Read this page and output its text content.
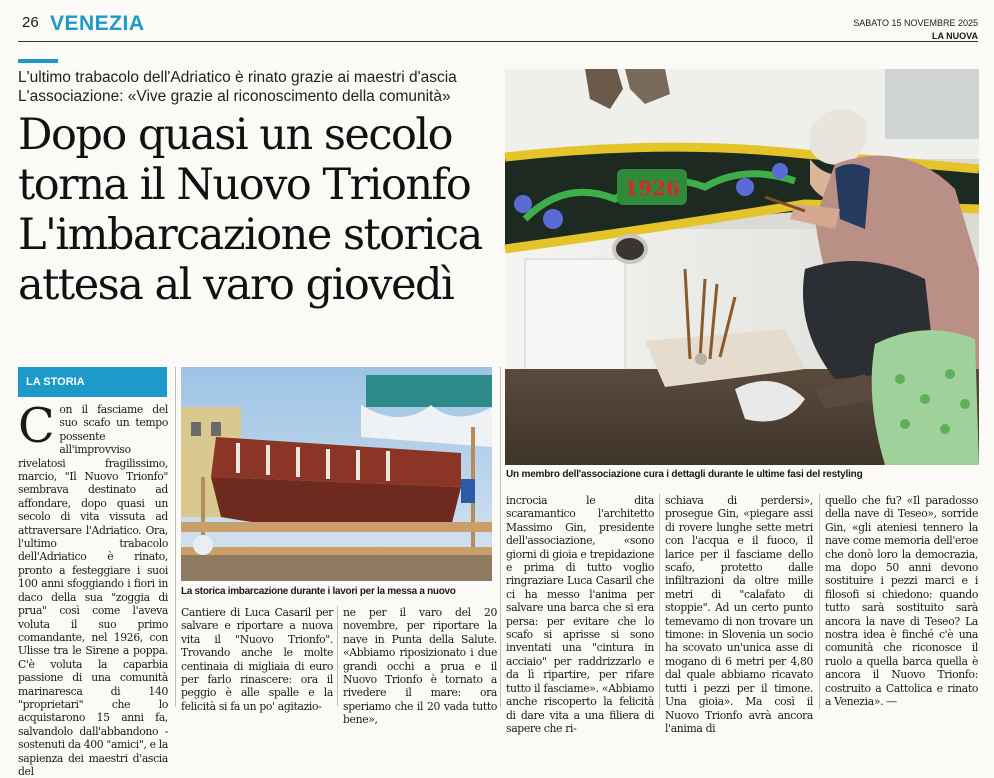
26 VENEZIA	SABATO 15 NOVEMBRE 2025
LA NUOVA
L'ultimo trabacolo dell'Adriatico è rinato grazie ai maestri d'ascia
L'associazione: «Vive grazie al riconoscimento della comunità»
Dopo quasi un secolo
torna il Nuovo Trionfo
L'imbarcazione storica
attesa al varo giovedì
1926
Un membro dell'associazione cura i dettagli durante le ultime fasi del restyling
LA STORIA
La storica imbarcazione durante i lavori per la messa a nuovo
Con il fasciame del suo scafo un tempo possente all'improvviso rivelatosi fragilissimo, marcio, "Il Nuovo Trionfo" sembrava destinato ad affondare, dopo quasi un secolo di vita vissuta ad attraversare l'Adriatico. Ora, l'ultimo trabacolo dell'Adriatico è rinato, pronto a festeggiare i suoi 100 anni sfoggiando i fiori in daco della sua "zoggia di prua" così come l'aveva voluta il suo primo comandante, nel 1926, con Ulisse tra le Sirene a poppa. C'è voluta la caparbia passione di una comunità marinaresca di 140 "proprietari" che lo acquistarono 15 anni fa, salvandolo dall'abbandono - sostenuti da 400 "amici", e la sapienza dei maestri d'ascia del
Cantiere di Luca Casaril per salvare e riportare a nuova vita il "Nuovo Trionfo". Trovando anche le molte centinaia di migliaia di euro per farlo rinascere: ora il peggio è alle spalle e la felicità si fa un po' agitazio-
ne per il varo del 20 novembre, per riportare la nave in Punta della Salute. «Abbiamo riposizionato i due grandi occhi a prua e il Nuovo Trionfo è tornato a rivedere il mare: ora speriamo che il 20 vada tutto bene»,
incrocia le dita scaramantico l'architetto Massimo Gin, presidente dell'associazione, «sono giorni di gioia e trepidazione e prima di tutto voglio ringraziare Luca Casaril che ci ha messo l'anima per salvare una barca che si era persa: per evitare che lo scafo si aprisse si sono inventati una "cintura in acciaio" per raddrizzarlo e da lì ripartire, per rifare tutto il fasciame». «Abbiamo anche riscoperto la felicità di dare vita a una filiera di sapere che ri-
schiava di perdersi», prosegue Gin, «piegare assi di rovere lunghe sette metri con l'acqua e il fuoco, il larice per il fasciame dello scafo, protetto dalle infiltrazioni da oltre mille metri di "calafato di stoppie". Ad un certo punto temevamo di non trovare un timone: in Slovenia un socio ha scovato un'unica asse di mogano di 6 metri per 4,80 dal quale abbiamo ricavato tutti i pezzi per il timone. Una gioia». Ma così il Nuovo Trionfo avrà ancora l'anima di
quello che fu? «Il paradosso della nave di Teseo», sorride Gin, «gli ateniesi tennero la nave come memoria dell'eroe che donò loro la democrazia, ma dopo 50 anni devono sostituire i pezzi marci e i filosofi si chiedono: quando tutto sarà sostituito sarà ancora la nave di Teseo? La nostra idea è finché c'è una comunità che riconosce il ruolo a quella barca quella è ancora il Nuovo Trionfo: costruito a Cattolica e rinato a Venezia». —
